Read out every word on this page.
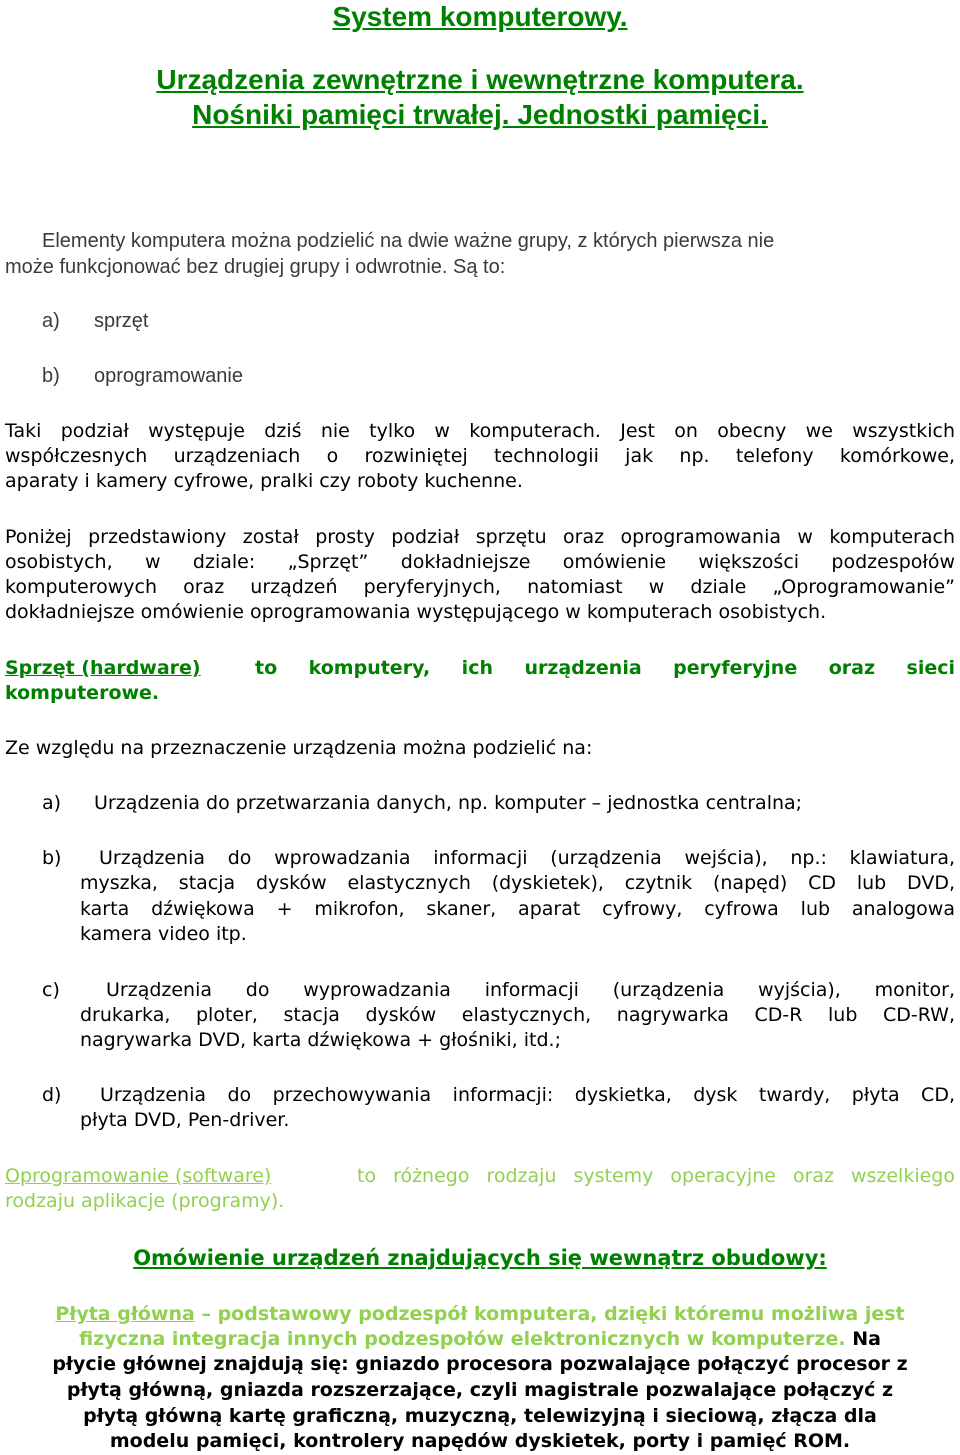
System komputerowy.
Urządzenia zewnętrzne i wewnętrzne komputera.
Nośniki pamięci trwałej. Jednostki pamięci.
Elementy komputera można podzielić na dwie ważne grupy, z których pierwsza nie
może funkcjonować bez drugiej grupy i odwrotnie. Są to:
a) sprzęt
b) oprogramowanie
Taki podział występuje dziś nie tylko w komputerach. Jest on obecny we wszystkich
współczesnych urządzeniach o rozwiniętej technologii jak np. telefony komórkowe,
aparaty i kamery cyfrowe, pralki czy roboty kuchenne.
Poniżej przedstawiony został prosty podział sprzętu oraz oprogramowania w komputerach
osobistych, w dziale: „Sprzęt” dokładniejsze omówienie większości podzespołów
komputerowych oraz urządzeń peryferyjnych, natomiast w dziale „Oprogramowanie”
dokładniejsze omówienie oprogramowania występującego w komputerach osobistych.
Sprzęt (hardware)	to komputery, ich urządzenia peryferyjne oraz sieci
komputerowe.
Ze względu na przeznaczenie urządzenia można podzielić na:
a) Urządzenia do przetwarzania danych, np. komputer – jednostka centralna;
b) Urządzenia do wprowadzania informacji (urządzenia wejścia), np.: klawiatura,
myszka, stacja dysków elastycznych (dyskietek), czytnik (napęd) CD lub DVD,
karta dźwiękowa + mikrofon, skaner, aparat cyfrowy, cyfrowa lub analogowa
kamera video itp.
c) Urządzenia do wyprowadzania informacji (urządzenia wyjścia), monitor,
drukarka, ploter, stacja dysków elastycznych, nagrywarka CD-R lub CD-RW,
nagrywarka DVD, karta dźwiękowa + głośniki, itd.;
d) Urządzenia do przechowywania informacji: dyskietka, dysk twardy, płyta CD,
płyta DVD, Pen-driver.
Oprogramowanie (software)	to różnego rodzaju systemy operacyjne oraz wszelkiego
rodzaju aplikacje (programy).
Omówienie urządzeń znajdujących się wewnątrz obudowy:
Płyta główna – podstawowy podzespół komputera, dzięki któremu możliwa jest
fizyczna integracja innych podzespołów elektronicznych w komputerze. Na
płycie głównej znajdują się: gniazdo procesora pozwalające połączyć procesor z
płytą główną, gniazda rozszerzające, czyli magistrale pozwalające połączyć z
płytą główną kartę graficzną, muzyczną, telewizyjną i sieciową, złącza dla
modelu pamięci, kontrolery napędów dyskietek, porty i pamięć ROM.
